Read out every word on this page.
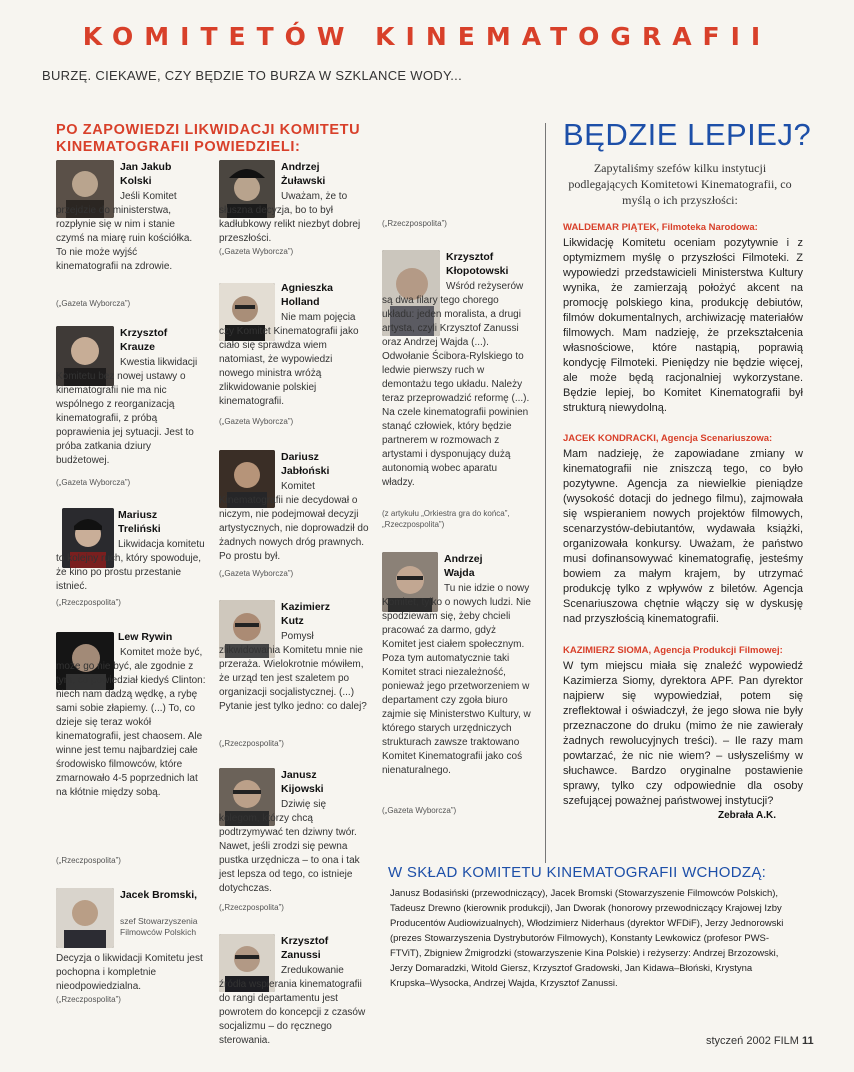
KOMITETÓW KINEMATOGRAFII
BURZĘ. CIEKAWE, CZY BĘDZIE TO BURZA W SZKLANCE WODY...
PO ZAPOWIEDZI LIKWIDACJI KOMITETU KINEMATOGRAFII POWIEDZIELI:
Jan Jakub Kolski
Jeśli Komitet przejdzie do ministerstwa, rozpłynie się w nim i stanie czymś na miarę ruin kościółka. To nie może wyjść kinematografii na zdrowie.
(„Gazeta Wyborcza”)
Krzysztof Krauze
Kwestia likwidacji Komitetu bez nowej ustawy o kinematografii nie ma nic wspólnego z reorganizacją kinematografii, z próbą poprawienia jej sytuacji. Jest to próba zatkania dziury budżetowej.
(„Gazeta Wyborcza”)
Mariusz Treliński
Likwidacja komitetu to kolejny ruch, który spowoduje, że kino po prostu przestanie istnieć.
(„Rzeczpospolita”)
Lew Rywin
Komitet może być, może go nie być, ale zgodnie z tym, co powiedział kiedyś Clinton: niech nam dadzą wędkę, a rybę sami sobie złapiemy. (...) To, co dzieje się teraz wokół kinematografii, jest chaosem. Ale winne jest temu najbardziej całe środowisko filmowców, które zmarnowało 4-5 poprzednich lat na kłótnie między sobą.
(„Rzeczpospolita”)
Jacek Bromski,
szef Stowarzyszenia Filmowców Polskich
Decyzja o likwidacji Komitetu jest pochopna i kompletnie nieodpowiedzialna.
(„Rzeczpospolita”)
Andrzej Żuławski
Uważam, że to słuszna decyzja, bo to był kadłubkowy relikt niezbyt dobrej przeszłości.
(„Gazeta Wyborcza”)
Agnieszka Holland
Nie mam pojęcia czy Komitet Kinematografii jako ciało się sprawdza wiem natomiast, że wypowiedzi nowego ministra wróżą zlikwidowanie polskiej kinematografii.
(„Gazeta Wyborcza”)
Dariusz Jabłoński
Komitet Kinematografii nie decydował o niczym, nie podejmował decyzji artystycznych, nie doprowadził do żadnych nowych dróg prawnych. Po prostu był.
(„Gazeta Wyborcza”)
Kazimierz Kutz
Pomysł zlikwidowania Komitetu mnie nie przeraża. Wielokrotnie mówiłem, że urząd ten jest szaletem po organizacji socjalistycznej. (...) Pytanie jest tylko jedno: co dalej?
(„Rzeczpospolita”)
Janusz Kijowski
Dziwię się kolegom, którzy chcą podtrzymywać ten dziwny twór. Nawet, jeśli zrodzi się pewna pustka urzędnicza – to ona i tak jest lepsza od tego, co istnieje dotychczas.
(„Rzeczpospolita”)
Krzysztof Zanussi
Zredukowanie źródła wspierania kinematografii do rangi departamentu jest powrotem do koncepcji z czasów socjalizmu – do ręcznego sterowania.
(„Rzeczpospolita”)
Krzysztof Kłopotowski
Wśród reżyserów są dwa filary tego chorego układu: jeden moralista, a drugi artysta, czyli Krzysztof Zanussi oraz Andrzej Wajda (...). Odwołanie Ścibora-Rylskiego to ledwie pierwszy ruch w demontażu tego układu. Należy teraz przeprowadzić reformę (...). Na czele kinematografii powinien stanąć człowiek, który będzie partnerem w rozmowach z artystami i dysponujący dużą autonomią wobec aparatu władzy.
(z artykułu „Orkiestra gra do końca”, „Rzeczpospolita”)
Andrzej Wajda
Tu nie idzie o nowy Komitet, tylko o nowych ludzi. Nie spodziewam się, żeby chcieli pracować za darmo, gdyż Komitet jest ciałem społecznym. Poza tym automatycznie taki Komitet straci niezależność, ponieważ jego przetworzeniem w departament czy zgoła biuro zajmie się Ministerstwo Kultury, w którego starych urzędniczych strukturach zawsze traktowano Komitet Kinematografii jako coś nienaturalnego.
(„Gazeta Wyborcza”)
BĘDZIE LEPIEJ?
Zapytaliśmy szefów kilku instytucji podlegających Komitetowi Kinematografii, co myślą o ich przyszłości:
WALDEMAR PIĄTEK, Filmoteka Narodowa:
Likwidację Komitetu oceniam pozytywnie i z optymizmem myślę o przyszłości Filmoteki. Z wypowiedzi przedstawicieli Ministerstwa Kultury wynika, że zamierzają położyć akcent na promocję polskiego kina, produkcję debiutów, filmów dokumentalnych, archiwizację materiałów filmowych. Mam nadzieję, że przekształcenia własnościowe, które nastąpią, poprawią kondycję Filmoteki. Pieniędzy nie będzie więcej, ale może będą racjonalniej wykorzystane. Będzie lepiej, bo Komitet Kinematografii był strukturą niewydolną.
JACEK KONDRACKI, Agencja Scenariuszowa:
Mam nadzieję, że zapowiadane zmiany w kinematografii nie zniszczą tego, co było pozytywne. Agencja za niewielkie pieniądze (wysokość dotacji do jednego filmu), zajmowała się wspieraniem nowych projektów filmowych, scenarzystów-debiutantów, wydawała książki, organizowała konkursy. Uważam, że państwo musi dofinansowywać kinematografię, jesteśmy bowiem za małym krajem, by utrzymać produkcję tylko z wpływów z biletów. Agencja Scenariuszowa chętnie włączy się w dyskusję nad przyszłością kinematografii.
KAZIMIERZ SIOMA, Agencja Produkcji Filmowej:
W tym miejscu miała się znaleźć wypowiedź Kazimierza Siomy, dyrektora APF. Pan dyrektor najpierw się wypowiedział, potem się zreflektował i oświadczył, że jego słowa nie były przeznaczone do druku (mimo że nie zawierały żadnych rewolucyjnych treści). – Ile razy mam powtarzać, że nic nie wiem? – usłyszeliśmy w słuchawce. Bardzo oryginalne postawienie sprawy, tylko czy odpowiednie dla osoby szefującej poważnej państwowej instytucji?
Zebrała A.K.
W SKŁAD KOMITETU KINEMATOGRAFII WCHODZĄ:
Janusz Bodasiński (przewodniczący), Jacek Bromski (Stowarzyszenie Filmowców Polskich), Tadeusz Drewno (kierownik produkcji), Jan Dworak (honorowy przewodniczący Krajowej Izby Producentów Audiowizualnych), Włodzimierz Niderhaus (dyrektor WFDiF), Jerzy Jednorowski (prezes Stowarzyszenia Dystrybutorów Filmowych), Konstanty Lewkowicz (profesor PWS-FTViT), Zbigniew Żmigrodzki (stowarzyszenie Kina Polskie) i reżyserzy: Andrzej Brzozowski, Jerzy Domaradzki, Witold Giersz, Krzysztof Gradowski, Jan Kidawa–Błoński, Krystyna Krupska–Wysocka, Andrzej Wajda, Krzysztof Zanussi.
styczeń 2002 FILM 11
